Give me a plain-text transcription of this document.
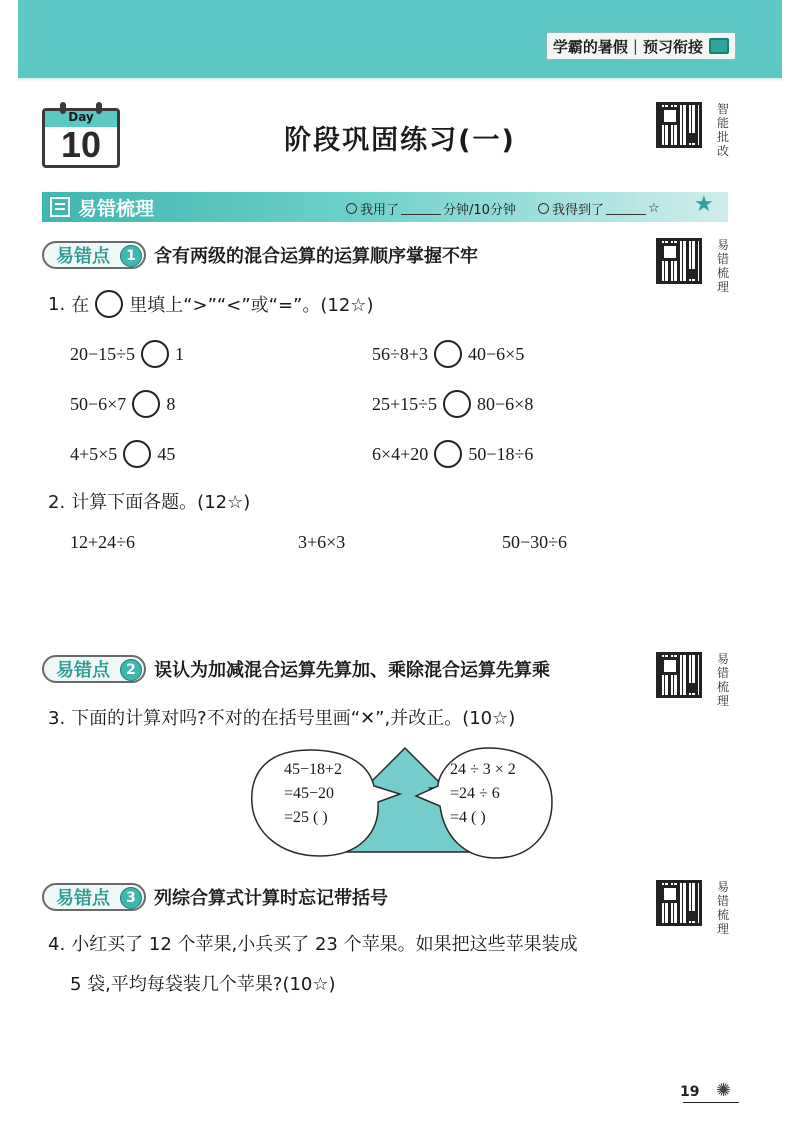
学霸的暑假 | 预习衔接
Day
10	阶段巩固练习(一)
智
能
批
改
易错梳理	我用了	分钟/10分钟	我得到了	☆ ★
易错点	1	含有两级的混合运算的运算顺序掌握不牢
易
错
梳
理
1. 在 里填上“>”“<”或“=”。(12☆)
20−15÷5 1	56÷8+3 40−6×5
50−6×7 8	25+15÷5 80−6×8
4+5×5 45	6×4+20 50−18÷6
2. 计算下面各题。(12☆)
12+24÷6	3+6×3	50−30÷6
易错点	2	误认为加减混合运算先算加、乘除混合运算先算乘
易
错
梳
理
3. 下面的计算对吗?不对的在括号里画“✕”,并改正。(10☆)
45−18+2
=45−20
=25 ( )
24 ÷ 3 × 2
=24 ÷ 6
=4 ( )
易错点	3	列综合算式计算时忘记带括号
易
错
梳
理
4. 小红买了 12 个苹果,小兵买了 23 个苹果。如果把这些苹果装成
5 袋,平均每袋装几个苹果?(10☆)
19 ✺
